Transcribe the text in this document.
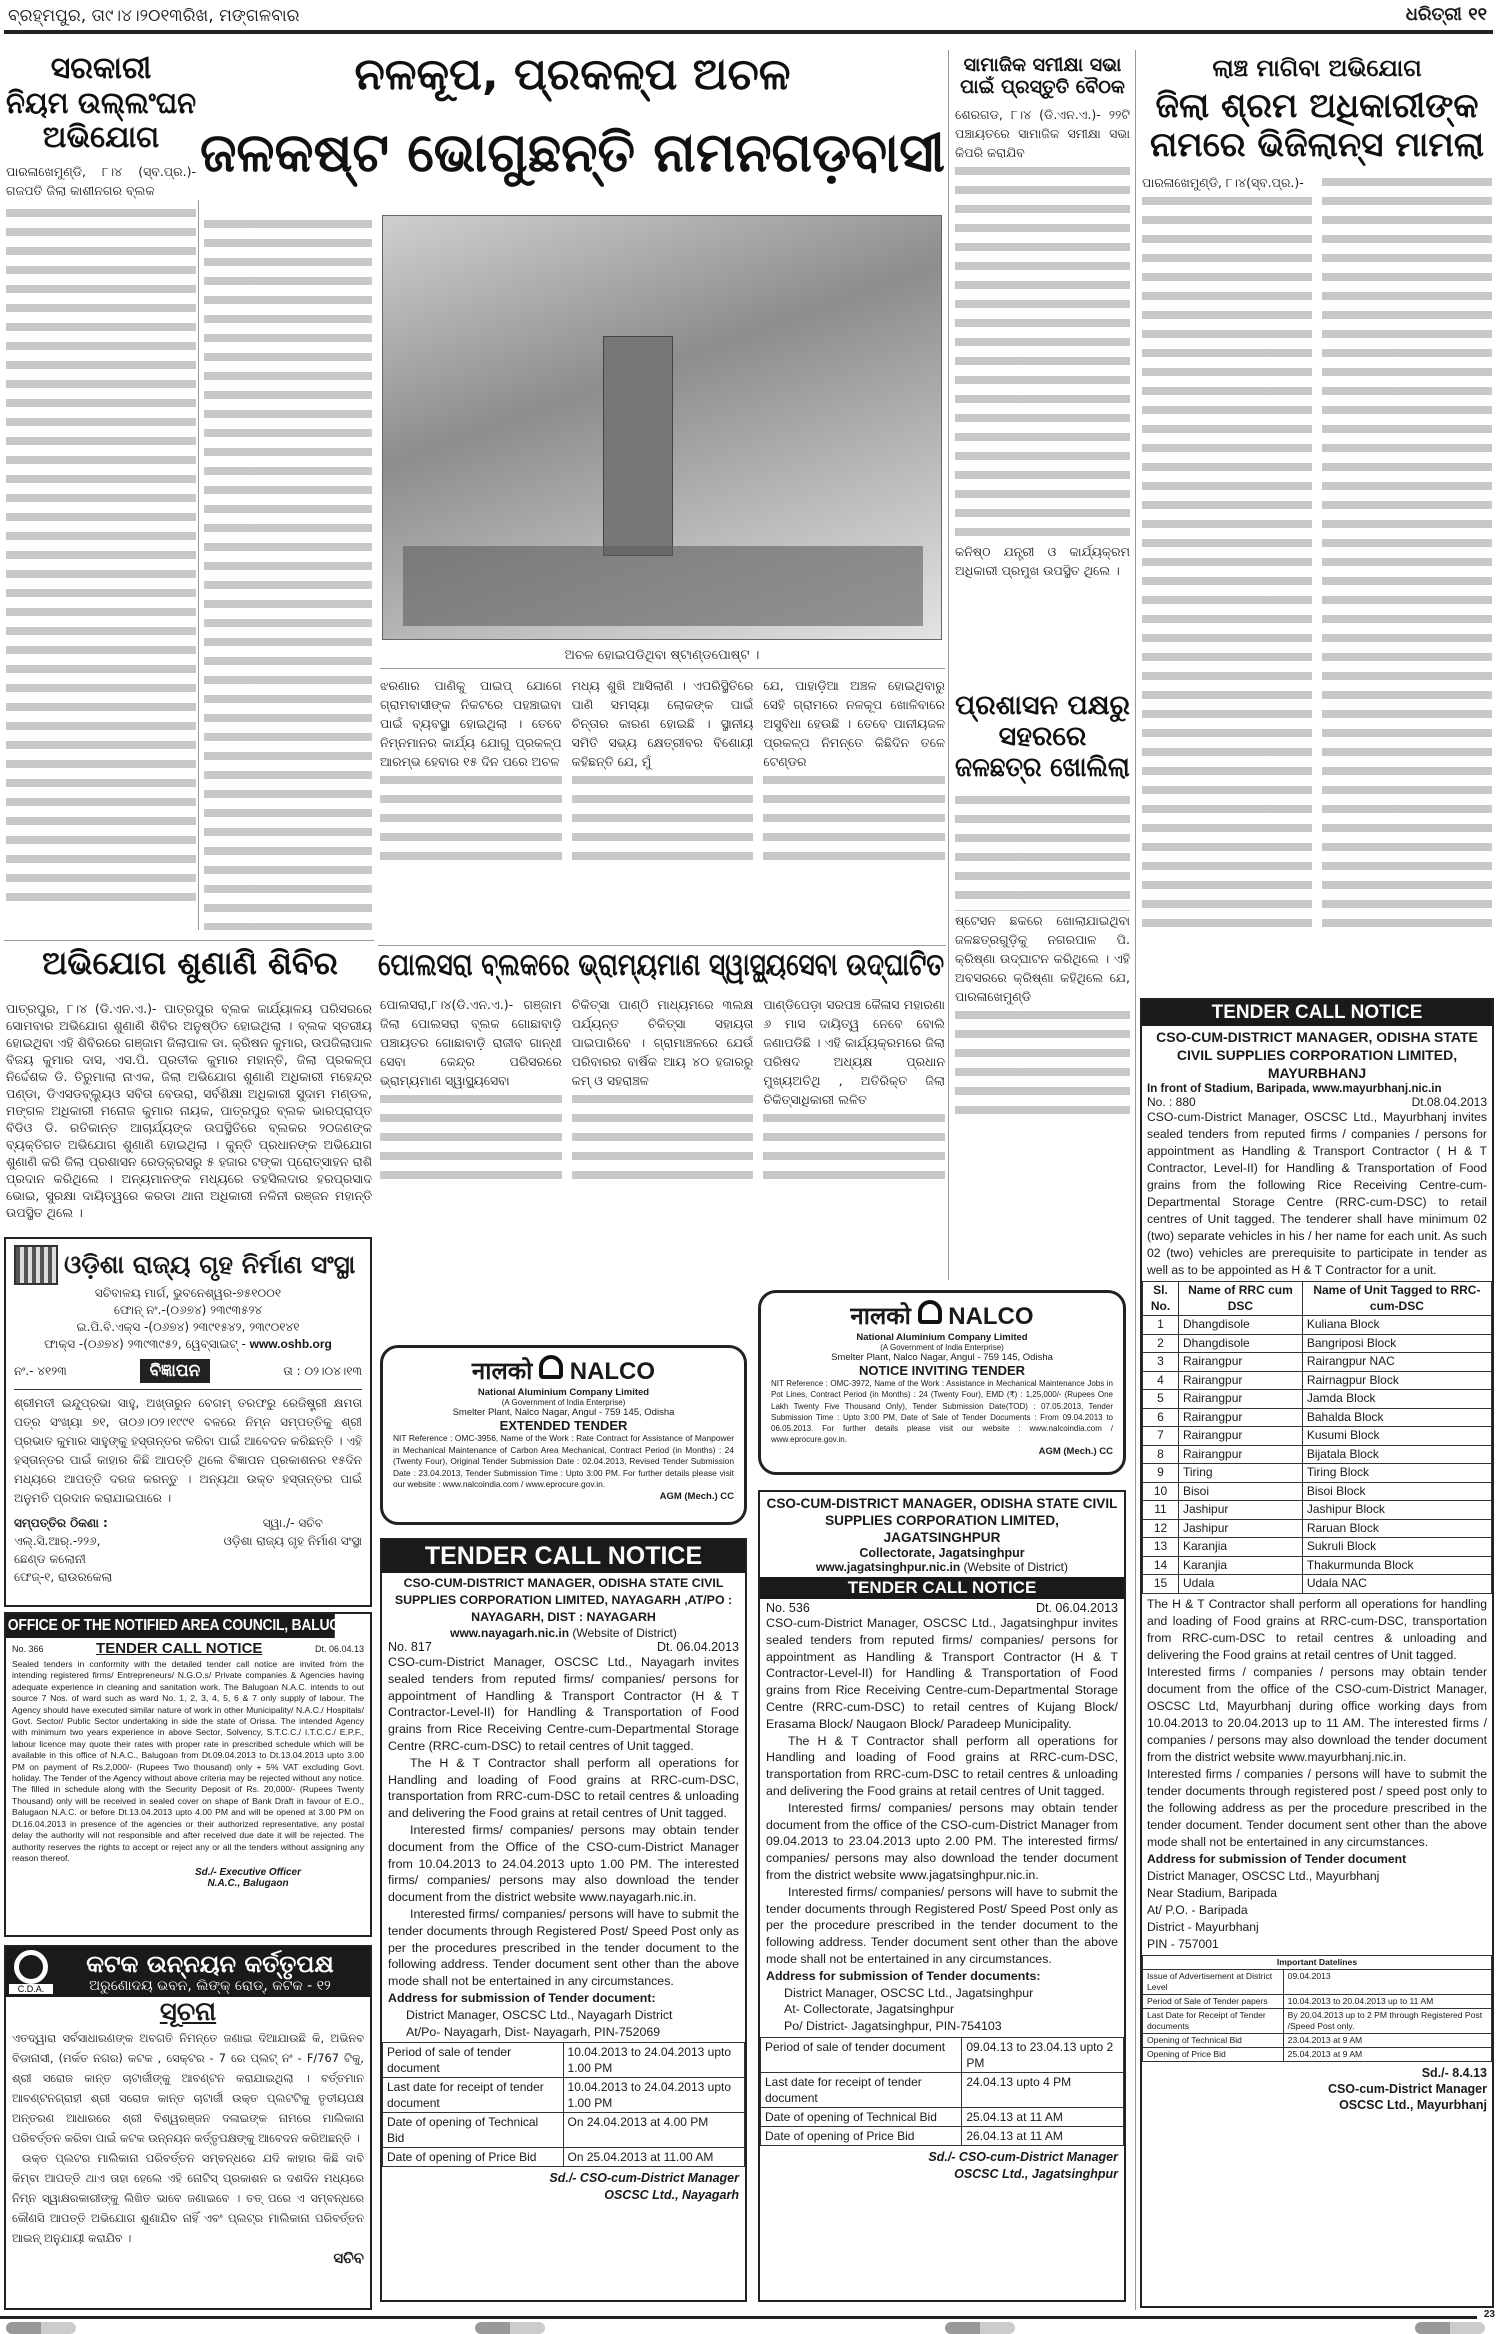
ବ୍ରହ୍ମପୁର, ତା୯।୪।୨୦୧୩ରିଖ, ମଙ୍ଗଳବାର	ଧରିତ୍ରୀ ୧୧
ସରକାରୀ
ନିୟମ ଉଲ୍ଲଂଘନ
ଅଭିଯୋଗ
ପାରଳାଖେମୁଣ୍ଡି, ୮।୪ (ସ୍ବ.ପ୍ର.)- ଗଜପତି ଜିଲା କାଶୀନଗର ବ୍ଲକ
ନଳକୂପ, ପ୍ରକଳ୍ପ ଅଚଳ
ଜଳକଷ୍ଟ ଭୋଗୁଛନ୍ତି ନାମନଗଡ଼ବାସୀ
ଅଚଳ ହୋଇପଡିଥିବା ଷ୍ଟାଣ୍ଡପୋଷ୍ଟ ।
ଝରଣାର ପାଣିକୁ ପାଇପ୍ ଯୋଗେ ଗ୍ରାମବାସୀଙ୍କ ନିକଟରେ ପହଞ୍ଚାଇବା ପାଇଁ ବ୍ୟବସ୍ଥା ହୋଇଥିଲା । ତେବେ ନିମ୍ନମାନର କାର୍ଯ୍ୟ ଯୋଗୁ ପ୍ରକଳ୍ପ ଆରମ୍ଭ ହେବାର ୧୫ ଦିନ ପରେ ଅଚଳ
ମଧ୍ୟ ଶୁଖି ଆସିଲାଣି । ଏପରିସ୍ଥିତିରେ ପାଣି ସମସ୍ୟା ଲୋକଙ୍କ ପାଇଁ ଚିନ୍ତାର କାରଣ ହୋଇଛି । ସ୍ଥାନୀୟ ସମିତି ସଭ୍ୟ କ୍ଷେତ୍ରୀବର ବିଶୋୟୀ କହିଛନ୍ତି ଯେ, ମୁଁ
ଯେ, ପାହାଡ଼ିଆ ଅଞ୍ଚଳ ହୋଇଥିବାରୁ ସେହି ଗ୍ରାମରେ ନଳକୂପ ଖୋଳିବାରେ ଅସୁବିଧା ହେଉଛି । ତେବେ ପାନୀୟଜଳ ପ୍ରକଳ୍ପ ନିମନ୍ତେ କିଛିଦିନ ତଳେ ଟେଣ୍ଡର
ସାମାଜିକ ସମୀକ୍ଷା ସଭା
ପାଇଁ ପ୍ରସ୍ତୁତି ବୈଠକ
ଶେରଗଡ, ୮।୪ (ଡି.ଏନ.ଏ.)- ୨୨ଟି ପଞ୍ଚାୟତରେ ସାମାଜିକ ସମୀକ୍ଷା ସଭା କିପରି କରାଯିବ
କନିଷ୍ଠ ଯନ୍ତ୍ରୀ ଓ କାର୍ଯ୍ୟକ୍ରମ ଅଧିକାରୀ ପ୍ରମୁଖ ଉପସ୍ଥିତ ଥିଲେ ।
ପ୍ରଶାସନ ପକ୍ଷରୁ
ସହରରେ
ଜଳଛତ୍ର ଖୋଲିଲା
ଷ୍ଟେସନ ଛକରେ ଖୋଲାଯାଇଥିବା ଜଳଛତ୍ରଗୁଡ଼ିକୁ ନଗରପାଳ ପି. କ୍ରିଷ୍ଣା ଉଦ୍‌ଘାଟନ କରିଥିଲେ । ଏହି ଅବସରରେ କ୍ରିଷ୍ଣା କହିଥିଲେ ଯେ, ପାରଳାଖେମୁଣ୍ଡି
ଲାଞ୍ଚ ମାଗିବା ଅଭିଯୋଗ
ଜିଲା ଶ୍ରମ ଅଧିକାରୀଙ୍କ
ନାମରେ ଭିଜିଲାନ୍ସ ମାମଲା
ପାରଳାଖେମୁଣ୍ଡି, ୮।୪(ସ୍ବ.ପ୍ର.)-
ଅଭିଯୋଗ ଶୁଣାଣି ଶିବିର
ପାତ୍ରପୁର, ୮।୪ (ଡି.ଏନ.ଏ.)- ପାତ୍ରପୁର ବ୍ଲକ କାର୍ଯ୍ୟାଳୟ ପରିସରରେ ସୋମବାର ଅଭିଯୋଗ ଶୁଣାଣି ଶିବିର ଅନୁଷ୍ଠିତ ହୋଇଥିଲା । ବ୍ଲକ ସ୍ତରୀୟ ହୋଇଥିବା ଏହି ଶିବିରରେ ଗଞ୍ଜାମ ଜିଲାପାଳ ଡା. କ୍ରିଷନ କୁମାର, ଉପଜିଲାପାଳ ବିଜୟ କୁମାର ଦାସ, ଏସ.ପି. ପ୍ରତୀକ କୁମାର ମହାନ୍ତି, ଜିଲା ପ୍ରକଳ୍ପ ନିର୍ଦ୍ଦେଶକ ଡି. ତିରୁମାଲା ନାଏକ, ଜିଲା ଅଭିଯୋଗ ଶୁଣାଣି ଅଧିକାରୀ ମହେନ୍ଦ୍ର ପଣ୍ଡା, ଡିଏସଡବ୍ଲ୍ୟୁଓ ସବିତା ବେଉରା, ସର୍ବଶିକ୍ଷା ଅଧିକାରୀ ସୁଦାମ ମଣ୍ଡଳ, ମଙ୍ଗଳ ଅଧିକାରୀ ମନୋଜ କୁମାର ନାୟକ, ପାତ୍ରପୁର ବ୍ଲକ ଭାରପ୍ରାପ୍ତ ବିଡିଓ ଡି. ରତିକାନ୍ତ ଆଚାର୍ଯ୍ୟଙ୍କ ଉପସ୍ଥିତିରେ ବ୍ଲକର ୨୦ଜଣଙ୍କ ବ୍ୟକ୍ତିଗତ ଅଭିଯୋଗ ଶୁଣାଣି ହୋଇଥିଲା । କୁନ୍ତି ପ୍ରଧାନଙ୍କ ଅଭିଯୋଗ ଶୁଣାଣି କରି ଜିଲା ପ୍ରଶାସନ ରେଡ୍‌କ୍ରସରୁ ୫ ହଜାର ଟଙ୍କା ପ୍ରୋତ୍ସାହନ ରାଶି ପ୍ରଦାନ କରିଥିଲେ । ଅନ୍ୟମାନଙ୍କ ମଧ୍ୟରେ ତହସିଲଦାର ହରପ୍ରସାଦ ଭୋଇ, ସୁରକ୍ଷା ଦାୟିତ୍ୱରେ କରଡା ଥାନା ଅଧିକାରୀ ନଳିନୀ ରଞ୍ଜନ ମହାନ୍ତି ଉପସ୍ଥିତ ଥିଲେ ।
ପୋଲସରା ବ୍ଲକରେ ଭ୍ରାମ୍ୟମାଣ ସ୍ୱାସ୍ଥ୍ୟସେବା ଉଦ୍‌ଘାଟିତ
ପୋଲସରା,୮।୪(ଡି.ଏନ.ଏ.)- ଗଞ୍ଜାମ ଜିଲା ପୋଲସରା ବ୍ଲକ ଗୋଛାବାଡ଼ି ପଞ୍ଚାୟତର ଗୋଛାବାଡ଼ି ରାଜୀବ ଗାନ୍ଧୀ ସେବା କେନ୍ଦ୍ର ପରିସରରେ ଭ୍ରାମ୍ୟମାଣ ସ୍ୱାସ୍ଥ୍ୟସେବା
ଚିକିତ୍ସା ପାଣ୍ଠି ମାଧ୍ୟମରେ ୩ଲକ୍ଷ ପର୍ଯ୍ୟନ୍ତ ଚିକିତ୍ସା ସହାୟତା ପାଇପାରିବେ । ଗ୍ରାମାଞ୍ଚଳରେ ଯେଉଁ ପରିବାରର ବାର୍ଷିକ ଆୟ ୪୦ ହଜାରରୁ କମ୍ ଓ ସହରାଞ୍ଚଳ
ପାଣ୍ଡିପେଡ଼ା ସରପଞ୍ଚ କୈଳାସ ମହାରଣା ୬ ମାସ ଦାୟିତ୍ୱ ନେବେ ବୋଲି ଜଣାପଡିଛି । ଏହି କାର୍ଯ୍ୟକ୍ରମରେ ଜିଲା ପରିଷଦ ଅଧ୍ୟକ୍ଷ ପ୍ରଧାନ ମୁଖ୍ୟଅତିଥି , ଅତିରିକ୍ତ ଜିଲା ଚିକିତ୍ସାଧିକାରୀ ଲଳିତ
ଓଡ଼ିଶା ରାଜ୍ୟ ଗୃହ ନିର୍ମାଣ ସଂସ୍ଥା
ସଚିବାଳୟ ମାର୍ଗ, ଭୁବନେଶ୍ୱର-୭୫୧୦୦୧
ଫୋନ୍ ନଂ.-(୦୬୭୪) ୨୩୯୩୫୨୪
ଇ.ପି.ବି.ଏକ୍ସ -(୦୬୭୪) ୨୩୯୧୫୪୨, ୨୩୯୦୧୪୧
ଫାକ୍ସ -(୦୬୭୪) ୨୩୯୩୯୫୨, ୱେବ୍‌ସାଇଟ୍ - www.oshb.org
ନଂ.- ୪୧୨୩	ବିଜ୍ଞାପନ	ତା : ୦୨।୦୪।୧୩
ଶ୍ରୀମତୀ ଇନ୍ଦୁପ୍ରଭା ସାହୁ, ଅଖ୍‌ତାରୁନ ବେଗମ୍ ତରଫରୁ ରେଜିଷ୍ଟ୍ରୀ କ୍ଷମତା ପତ୍ର ସଂଖ୍ୟା ୭୧, ତା୦୬।୦୨।୧୯୯୧ ବଳରେ ନିମ୍ନ ସମ୍ପତ୍ତିକୁ ଶ୍ରୀ ପ୍ରଭାତ କୁମାର ସାହୁଙ୍କୁ ହସ୍ତାନ୍ତର କରିବା ପାଇଁ ଆବେଦନ କରିଛନ୍ତି । ଏହି ହସ୍ତାନ୍ତର ପାଇଁ କାହାର କିଛି ଆପତ୍ତି ଥିଲେ ବିଜ୍ଞାପନ ପ୍ରକାଶନର ୧୫ଦିନ ମଧ୍ୟରେ ଆପତ୍ତି ଦରଜ କରନ୍ତୁ । ଅନ୍ୟଥା ଉକ୍ତ ହସ୍ତାନ୍ତର ପାଇଁ ଅନୁମତି ପ୍ରଦାନ କରାଯାଇପାରେ ।
ସମ୍ପତ୍ତିର ଠିକଣା :
ଏଲ୍.ସି.ଆର୍.-୨୨୬,
ଛେଣ୍ଡ କଲୋନୀ
ଫେଜ୍-୧, ରାଉରକେଲା
ସ୍ୱା./- ସଚିବ
ଓଡ଼ିଶା ରାଜ୍ୟ ଗୃହ ନିର୍ମାଣ ସଂସ୍ଥା
OFFICE OF THE NOTIFIED AREA COUNCIL, BALUGAON
No. 366	TENDER CALL NOTICE	Dt. 06.04.13
Sealed tenders in conformity with the detailed tender call notice are invited from the intending registered firms/ Entrepreneurs/ N.G.O.s/ Private companies & Agencies having adequate experience in cleaning and sanitation work. The Balugoan N.A.C. intends to out source 7 Nos. of ward such as ward No. 1, 2, 3, 4, 5, 6 & 7 only supply of labour. The Agency should have executed similar nature of work in other Municipality/ N.A.C./ Hospitals/ Govt. Sector/ Public Sector undertaking in side the state of Orissa. The intended Agency with minimum two years experience in above Sector, Solvency, S.T.C.C./ I.T.C.C./ E.P.F., labour licence may quote their rates with proper rate in prescribed schedule which will be available in this office of N.A.C., Balugoan from Dt.09.04.2013 to Dt.13.04.2013 upto 3.00 PM on payment of Rs.2,000/- (Rupees Two thousand) only + 5% VAT excluding Govt. holiday. The Tender of the Agency without above criteria may be rejected without any notice. The filled in schedule along with the Security Deposit of Rs. 20,000/- (Rupees Twenty Thousand) only will be received in sealed cover on shape of Bank Draft in favour of E.O., Balugaon N.A.C. or before Dt.13.04.2013 upto 4.00 PM and will be opened at 3.00 PM on Dt.16.04.2013 in presence of the agencies or their authorized representative, any postal delay the authority will not responsible and after received due date it will be rejected. The authority reserves the rights to accept or reject any or all the tenders without assigning any reason thereof.
Sd./- Executive Officer
N.A.C., Balugaon
C.D.A.
କଟକ ଉନ୍ନୟନ କର୍ତ୍ତୃପକ୍ଷ
ଅରୁଣୋଦୟ ଭବନ, ଲିଙ୍କ୍ ରୋଡ୍, କଟକ - ୧୨
ସୂଚନା
ଏତଦ୍ୱାରା ସର୍ବସାଧାରଣଙ୍କ ଅବଗତି ନିମନ୍ତେ ଜଣାଇ ଦିଆଯାଉଛି କି, ଅଭିନବ ବିଡାନାସୀ, (ମର୍କତ ନଗର) କଟକ , ସେକ୍ଟର - 7 ରେ ପ୍ଲଟ୍ ନଂ - F/767 ଟିକୁ, ଶ୍ରୀ ସରୋଜ କାନ୍ତ ଚାଟାର୍ଜୀଙ୍କୁ ଆବଣ୍ଟନ କରାଯାଇଥିଲା । ବର୍ତ୍ତମାନ ଆବଣ୍ଟନଗ୍ରାହୀ ଶ୍ରୀ ସରୋଜ କାନ୍ତ ଚାଟାର୍ଜୀ ଉକ୍ତ ପ୍ଲଟଟିକୁ ତୃତୀୟପକ୍ଷ ଅନ୍ତରଣ ଆଧାରରେ ଶ୍ରୀ ବିଶ୍ୱରଞ୍ଜନ ଦଳାଇଙ୍କ ନାମରେ ମାଲିକାନା ପରିବର୍ତ୍ତନ କରିବା ପାଇଁ କଟକ ଉନ୍ନୟନ କର୍ତ୍ତୃପକ୍ଷଙ୍କୁ ଆବେଦନ କରିଅଛନ୍ତି ।
ଉକ୍ତ ପ୍ଲଟର ମାଲିକାନା ପରିବର୍ତ୍ତନ ସମ୍ବନ୍ଧରେ ଯଦି କାହାର କିଛି ଦାବି କିମ୍ବା ଆପତ୍ତି ଥାଏ ତାହା ହେଲେ ଏହି ନୋଟିସ୍ ପ୍ରକାଶନ ର ଦଶଦିନ ମଧ୍ୟରେ ନିମ୍ନ ସ୍ୱାକ୍ଷରକାରୀଙ୍କୁ ଲିଖିତ ଭାବେ ଜଣାଇବେ । ତତ୍ ପରେ ଏ ସମ୍ବନ୍ଧରେ କୌଣସି ଆପତ୍ତି ଅଭିଯୋଗ ଶୁଣାଯିବ ନାହିଁ ଏବଂ ପ୍ଲଟ୍‌ର ମାଲିକାନା ପରିବର୍ତ୍ତନ ଆଇନ୍ ଅନୁଯାୟୀ କରାଯିବ ।
ସଚିବ
नालको NALCO
National Aluminium Company Limited
(A Government of India Enterprise)
Smelter Plant, Nalco Nagar, Angul - 759 145, Odisha
EXTENDED TENDER
NIT Reference : OMC-3956, Name of the Work : Rate Contract for Assistance of Manpower in Mechanical Maintenance of Carbon Area Mechanical, Contract Period (in Months) : 24 (Twenty Four), Original Tender Submission Date : 02.04.2013, Revised Tender Submission Date : 23.04.2013, Tender Submission Time : Upto 3:00 PM. For further details please visit our website : www.nalcoindia.com / www.eprocure.gov.in.
AGM (Mech.) CC
TENDER CALL NOTICE
CSO-CUM-DISTRICT MANAGER, ODISHA STATE CIVIL SUPPLIES CORPORATION LIMITED, NAYAGARH ,AT/PO : NAYAGARH, DIST : NAYAGARH
www.nayagarh.nic.in (Website of District)
No. 817	Dt. 06.04.2013

CSO-cum-District Manager, OSCSC Ltd., Nayagarh invites sealed tenders from reputed firms/ companies/ persons for appointment of Handling & Transport Contractor (H & T Contractor-Level-II) for Handling & Transportation of Food grains from Rice Receiving Centre-cum-Departmental Storage Centre (RRC-cum-DSC) to retail centres of Unit tagged.

The H & T Contractor shall perform all operations for Handling and loading of Food grains at RRC-cum-DSC, transportation from RRC-cum-DSC to retail centres & unloading and delivering the Food grains at retail centres of Unit tagged.

Interested firms/ companies/ persons may obtain tender document from the Office of the CSO-cum-District Manager from 10.04.2013 to 24.04.2013 upto 1.00 PM. The interested firms/ companies/ persons may also download the tender document from the district website www.nayagarh.nic.in.

Interested firms/ companies/ persons will have to submit the tender documents through Registered Post/ Speed Post only as per the procedures prescribed in the tender document to the following address. Tender document sent other than the above mode shall not be entertained in any circumstances.

Address for submission of Tender document:

District Manager, OSCSC Ltd., Nayagarh District

At/Po- Nayagarh, Dist- Nayagarh, PIN-752069

Period of sale of tender document	10.04.2013 to 24.04.2013 upto 1.00 PM
Last date for receipt of tender document	10.04.2013 to 24.04.2013 upto 1.00 PM
Date of opening of Technical Bid	On 24.04.2013 at 4.00 PM
Date of opening of Price Bid	On 25.04.2013 at 11.00 AM
Sd./- CSO-cum-District Manager
OSCSC Ltd., Nayagarh
नालको NALCO
National Aluminium Company Limited
(A Government of India Enterprise)
Smelter Plant, Nalco Nagar, Angul - 759 145, Odisha
NOTICE INVITING TENDER
NIT Reference : OMC-3972, Name of the Work : Assistance in Mechanical Maintenance Jobs in Pot Lines, Contract Period (in Months) : 24 (Twenty Four), EMD (₹) : 1,25,000/- (Rupees One Lakh Twenty Five Thousand Only), Tender Submission Date(TOD) : 07.05.2013, Tender Submission Time : Upto 3:00 PM, Date of Sale of Tender Documents : From 09.04.2013 to 06.05.2013. For further details please visit our website : www.nalcoindia.com / www.eprocure.gov.in.
AGM (Mech.) CC
CSO-CUM-DISTRICT MANAGER, ODISHA STATE CIVIL SUPPLIES CORPORATION LIMITED, JAGATSINGHPUR
Collectorate, Jagatsinghpur
www.jagatsinghpur.nic.in (Website of District)
TENDER CALL NOTICE
No. 536	Dt. 06.04.2013

CSO-cum-District Manager, OSCSC Ltd., Jagatsinghpur invites sealed tenders from reputed firms/ companies/ persons for appointment as Handling & Transport Contractor (H & T Contractor-Level-II) for Handling & Transportation of Food grains from Rice Receiving Centre-cum-Departmental Storage Centre (RRC-cum-DSC) to retail centres of Kujang Block/ Erasama Block/ Naugaon Block/ Paradeep Municipality.

The H & T Contractor shall perform all operations for Handling and loading of Food grains at RRC-cum-DSC, transportation from RRC-cum-DSC to retail centres & unloading and delivering the Food grains at retail centres of Unit tagged.

Interested firms/ companies/ persons may obtain tender document from the office of the CSO-cum-District Manager from 09.04.2013 to 23.04.2013 upto 2.00 PM. The interested firms/ companies/ persons may also download the tender document from the district website www.jagatsinghpur.nic.in.

Interested firms/ companies/ persons will have to submit the tender documents through Registered Post/ Speed Post only as per the procedure prescribed in the tender document to the following address. Tender document sent other than the above mode shall not be entertained in any circumstances.

Address for submission of Tender documents:

District Manager, OSCSC Ltd., Jagatsinghpur

At- Collectorate, Jagatsinghpur

Po/ District- Jagatsinghpur, PIN-754103

Period of sale of tender document	09.04.13 to 23.04.13 upto 2 PM
Last date for receipt of tender document	24.04.13 upto 4 PM
Date of opening of Technical Bid	25.04.13 at 11 AM
Date of opening of Price Bid	26.04.13 at 11 AM
Sd./- CSO-cum-District Manager
OSCSC Ltd., Jagatsinghpur
TENDER CALL NOTICE
CSO-CUM-DISTRICT MANAGER, ODISHA STATE CIVIL SUPPLIES CORPORATION LIMITED, MAYURBHANJ
In front of Stadium, Baripada, www.mayurbhanj.nic.in
No. : 880	Dt.08.04.2013

CSO-cum-District Manager, OSCSC Ltd., Mayurbhanj invites sealed tenders from reputed firms / companies / persons for appointment as Handling & Transport Contractor ( H & T Contractor, Level-II) for Handling & Transportation of Food grains from the following Rice Receiving Centre-cum-Departmental Storage Centre (RRC-cum-DSC) to retail centres of Unit tagged. The tenderer shall have minimum 02 (two) separate vehicles in his / her name for each unit. As such 02 (two) vehicles are prerequisite to participate in tender as well as to be appointed as H & T Contractor for a unit.

Sl. No.	Name of RRC cum DSC	Name of Unit Tagged to RRC-cum-DSC
1	Dhangdisole	Kuliana Block
2	Dhangdisole	Bangriposi Block
3	Rairangpur	Rairangpur NAC
4	Rairangpur	Rairnagpur Block
5	Rairangpur	Jamda Block
6	Rairangpur	Bahalda Block
7	Rairangpur	Kusumi Block
8	Rairangpur	Bijatala Block
9	Tiring	Tiring Block
10	Bisoi	Bisoi Block
11	Jashipur	Jashipur Block
12	Jashipur	Raruan Block
13	Karanjia	Sukruli Block
14	Karanjia	Thakurmunda Block
15	Udala	Udala NAC

The H & T Contractor shall perform all operations for handling and loading of Food grains at RRC-cum-DSC, transportation from RRC-cum-DSC to retail centres & unloading and delivering the Food grains at retail centres of Unit tagged.

Interested firms / companies / persons may obtain tender document from the office of the CSO-cum-District Manager, OSCSC Ltd, Mayurbhanj during office working days from 10.04.2013 to 20.04.2013 up to 11 AM. The interested firms / companies / persons may also download the tender document from the district website www.mayurbhanj.nic.in.

Interested firms / companies / persons will have to submit the tender documents through registered post / speed post only to the following address as per the procedure prescribed in the tender document. Tender document sent other than the above mode shall not be entertained in any circumstances.

Address for submission of Tender document

District Manager, OSCSC Ltd., Mayurbhanj

Near Stadium, Baripada

At/ P.O. - Baripada

District - Mayurbhanj

PIN - 757001

Important Datelines	
Issue of Advertisement at District Level	09.04.2013
Period of Sale of Tender papers	10.04.2013 to 20.04.2013 up to 11 AM
Last Date for Receipt of Tender documents	By 20.04.2013 up to 2 PM through Registered Post /Speed Post only.
Opening of Technical Bid	23.04.2013 at 9 AM
Opening of Price Bid	25.04.2013 at 9 AM
Sd./- 8.4.13
CSO-cum-District Manager
OSCSC Ltd., Mayurbhanj
23
